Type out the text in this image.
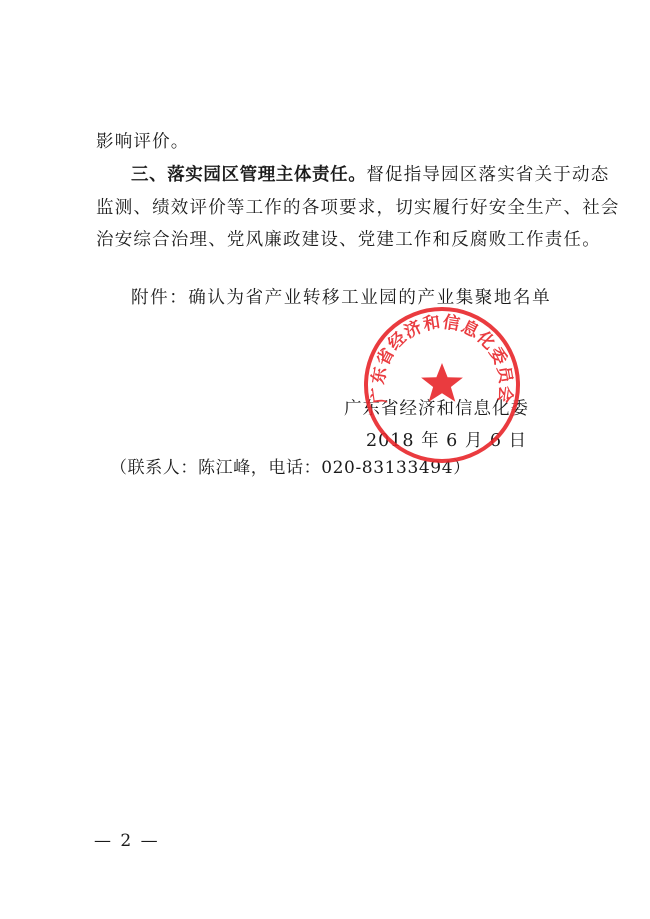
影响评价。
三、落实园区管理主体责任。督促指导园区落实省关于动态
监测、绩效评价等工作的各项要求，切实履行好安全生产、社会
治安综合治理、党风廉政建设、党建工作和反腐败工作责任。
附件：确认为省产业转移工业园的产业集聚地名单
广东省经济和信息化委员会
广东省经济和信息化委
2018 年 6 月 6 日
（联系人：陈江峰，电话：020-83133494）
— 2 —
